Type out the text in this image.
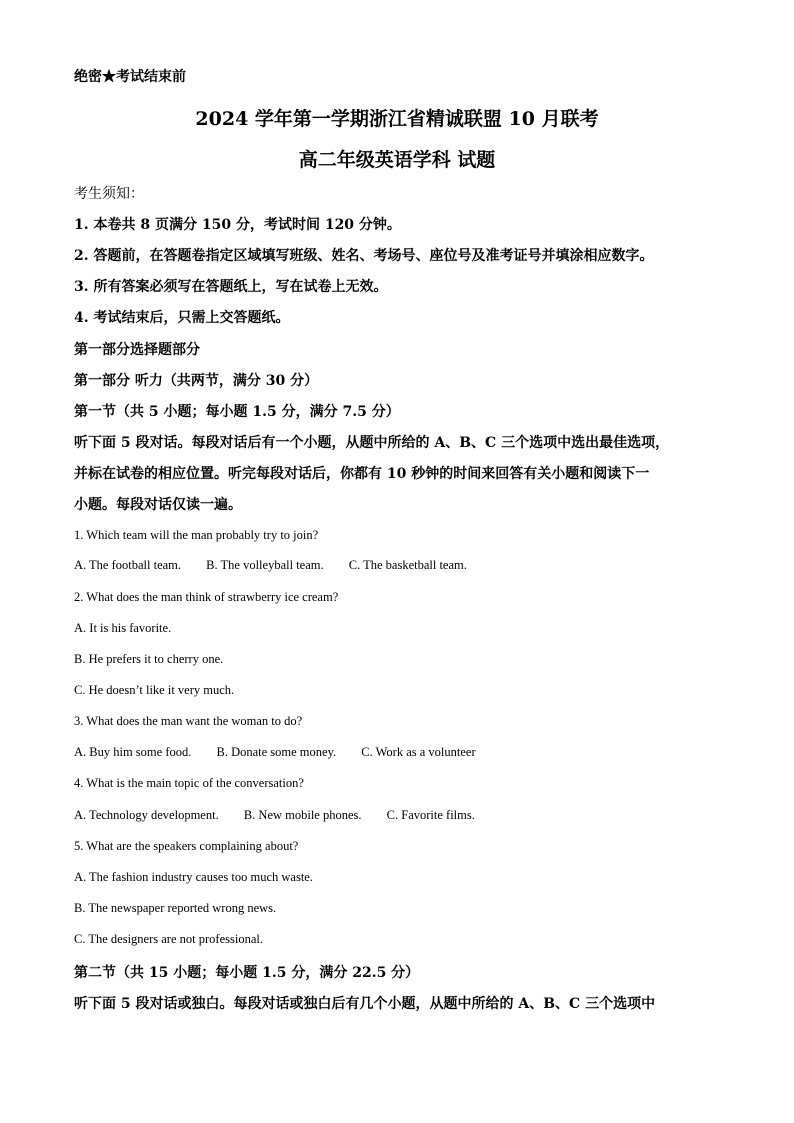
绝密★考试结束前
2024 学年第一学期浙江省精诚联盟 10 月联考
高二年级英语学科 试题
考生须知：
1. 本卷共 8 页满分 150 分，考试时间 120 分钟。
2. 答题前，在答题卷指定区域填写班级、姓名、考场号、座位号及准考证号并填涂相应数字。
3. 所有答案必须写在答题纸上，写在试卷上无效。
4. 考试结束后，只需上交答题纸。
第一部分选择题部分
第一部分 听力（共两节，满分 30 分）
第一节（共 5 小题；每小题 1.5 分，满分 7.5 分）
听下面 5 段对话。每段对话后有一个小题，从题中所给的 A、B、C 三个选项中选出最佳选项，
并标在试卷的相应位置。听完每段对话后，你都有 10 秒钟的时间来回答有关小题和阅读下一
小题。每段对话仅读一遍。
1. Which team will the man probably try to join?
A. The football team. B. The volleyball team. C. The basketball team.
2. What does the man think of strawberry ice cream?
A. It is his favorite.
B. He prefers it to cherry one.
C. He doesn’t like it very much.
3. What does the man want the woman to do?
A. Buy him some food. B. Donate some money. C. Work as a volunteer
4. What is the main topic of the conversation?
A. Technology development. B. New mobile phones. C. Favorite films.
5. What are the speakers complaining about?
A. The fashion industry causes too much waste.
B. The newspaper reported wrong news.
C. The designers are not professional.
第二节（共 15 小题；每小题 1.5 分，满分 22.5 分）
听下面 5 段对话或独白。每段对话或独白后有几个小题，从题中所给的 A、B、C 三个选项中
